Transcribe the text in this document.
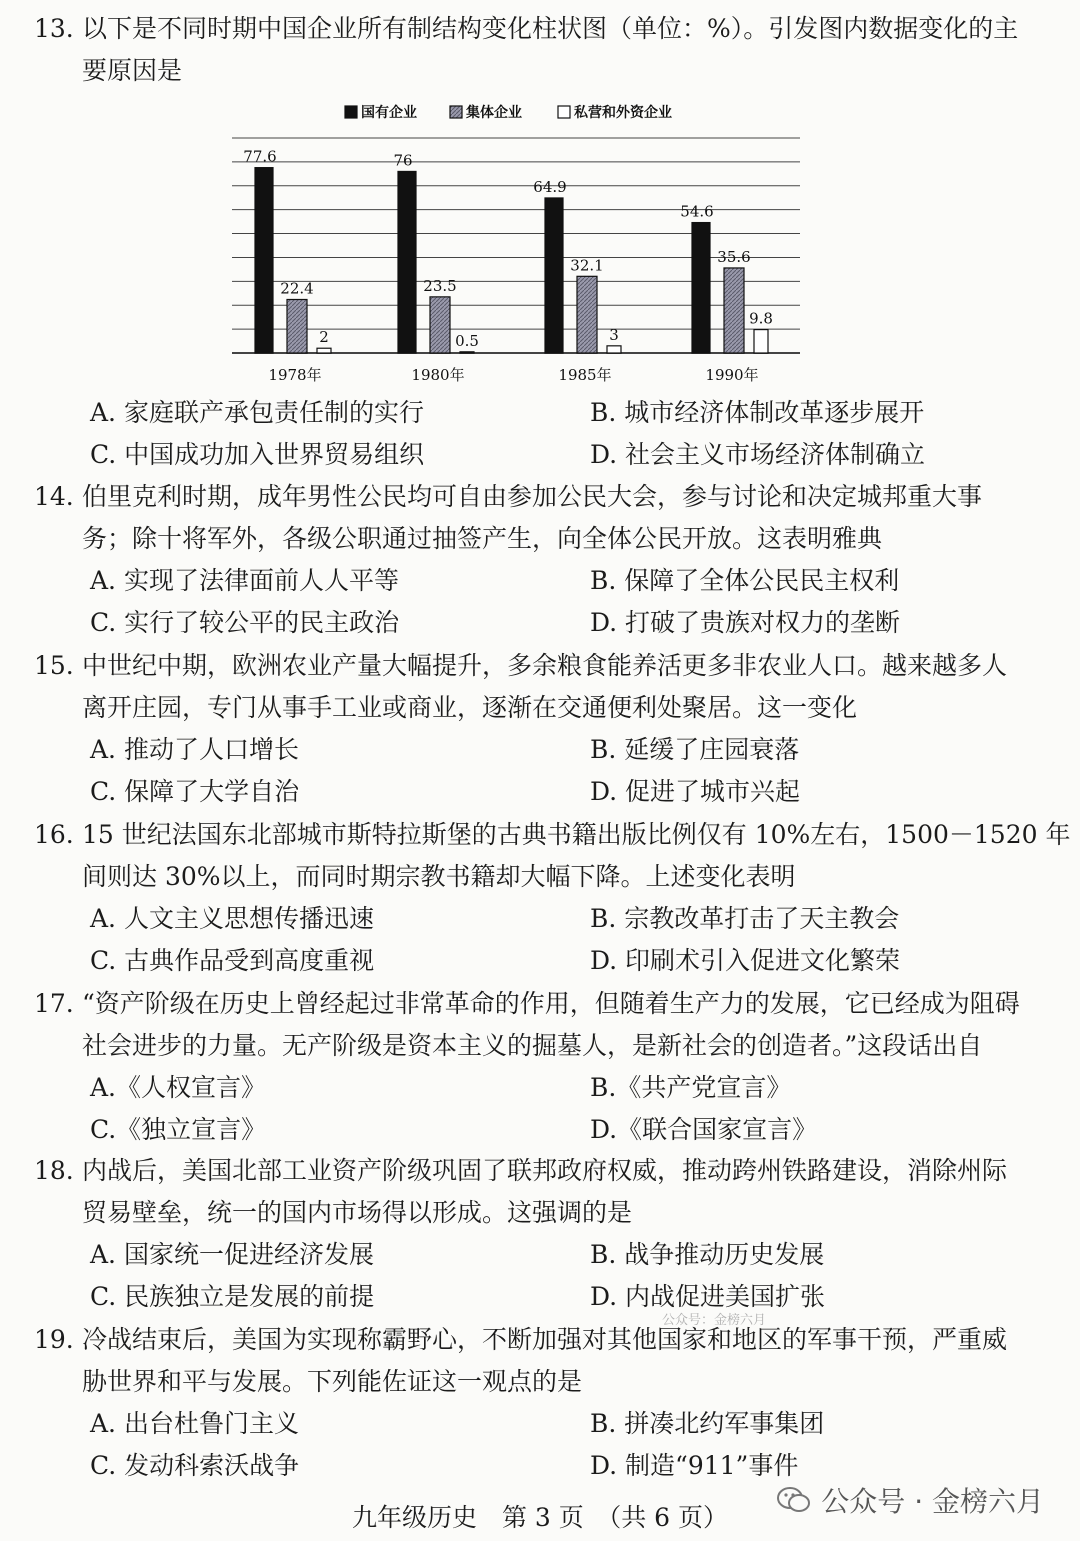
13. 以下是不同时期中国企业所有制结构变化柱状图（单位：%）。引发图内数据变化的主
要原因是
国有企业	集体企业	私营和外资企业
77.6
22.4
2
76
23.5
0.5
64.9
32.1
3
54.6
35.6
9.8
1978年	1980年	1985年	1990年
A. 家庭联产承包责任制的实行	B. 城市经济体制改革逐步展开
C. 中国成功加入世界贸易组织	D. 社会主义市场经济体制确立
14. 伯里克利时期，成年男性公民均可自由参加公民大会，参与讨论和决定城邦重大事
务；除十将军外，各级公职通过抽签产生，向全体公民开放。这表明雅典
A. 实现了法律面前人人平等	B. 保障了全体公民民主权利
C. 实行了较公平的民主政治	D. 打破了贵族对权力的垄断
15. 中世纪中期，欧洲农业产量大幅提升，多余粮食能养活更多非农业人口。越来越多人
离开庄园，专门从事手工业或商业，逐渐在交通便利处聚居。这一变化
A. 推动了人口增长	B. 延缓了庄园衰落
C. 保障了大学自治	D. 促进了城市兴起
16. 15 世纪法国东北部城市斯特拉斯堡的古典书籍出版比例仅有 10%左右，1500－1520 年
间则达 30%以上，而同时期宗教书籍却大幅下降。上述变化表明
A. 人文主义思想传播迅速	B. 宗教改革打击了天主教会
C. 古典作品受到高度重视	D. 印刷术引入促进文化繁荣
17. “资产阶级在历史上曾经起过非常革命的作用，但随着生产力的发展，它已经成为阻碍
社会进步的力量。无产阶级是资本主义的掘墓人，是新社会的创造者。”这段话出自
A.《人权宣言》	B.《共产党宣言》
C.《独立宣言》	D.《联合国家宣言》
18. 内战后，美国北部工业资产阶级巩固了联邦政府权威，推动跨州铁路建设，消除州际
贸易壁垒，统一的国内市场得以形成。这强调的是
A. 国家统一促进经济发展	B. 战争推动历史发展
C. 民族独立是发展的前提	D. 内战促进美国扩张
公众号：金榜六月
19. 冷战结束后，美国为实现称霸野心，不断加强对其他国家和地区的军事干预，严重威
胁世界和平与发展。下列能佐证这一观点的是
A. 出台杜鲁门主义	B. 拼凑北约军事集团
C. 发动科索沃战争	D. 制造“911”事件
九年级历史　第 3 页　（共 6 页）	公众号 · 金榜六月
